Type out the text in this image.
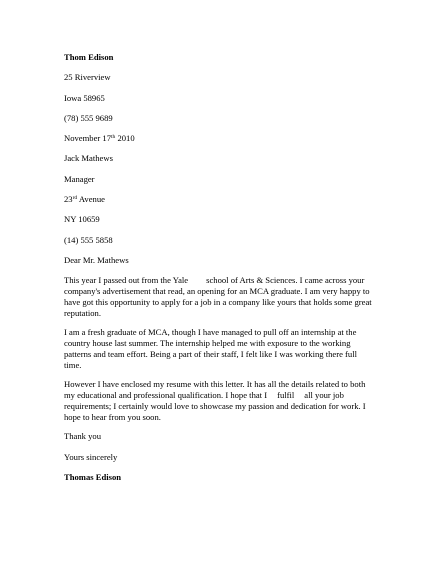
Thom Edison

25 Riverview

Iowa 58965

(78) 555 9689

November 17th 2010

Jack Mathews

Manager

23rd Avenue

NY 10659

(14) 555 5858

Dear Mr. Mathews

This year I passed out from the Yale school of Arts & Sciences. I came across your

company's advertisement that read, an opening for an MCA graduate. I am very happy to

have got this opportunity to apply for a job in a company like yours that holds some great

reputation.

I am a fresh graduate of MCA, though I have managed to pull off an internship at the

country house last summer. The internship helped me with exposure to the working

patterns and team effort. Being a part of their staff, I felt like I was working there full

time.

However I have enclosed my resume with this letter. It has all the details related to both

my educational and professional qualification. I hope that I fulfil all your job

requirements; I certainly would love to showcase my passion and dedication for work. I

hope to hear from you soon.

Thank you

Yours sincerely

Thomas Edison
